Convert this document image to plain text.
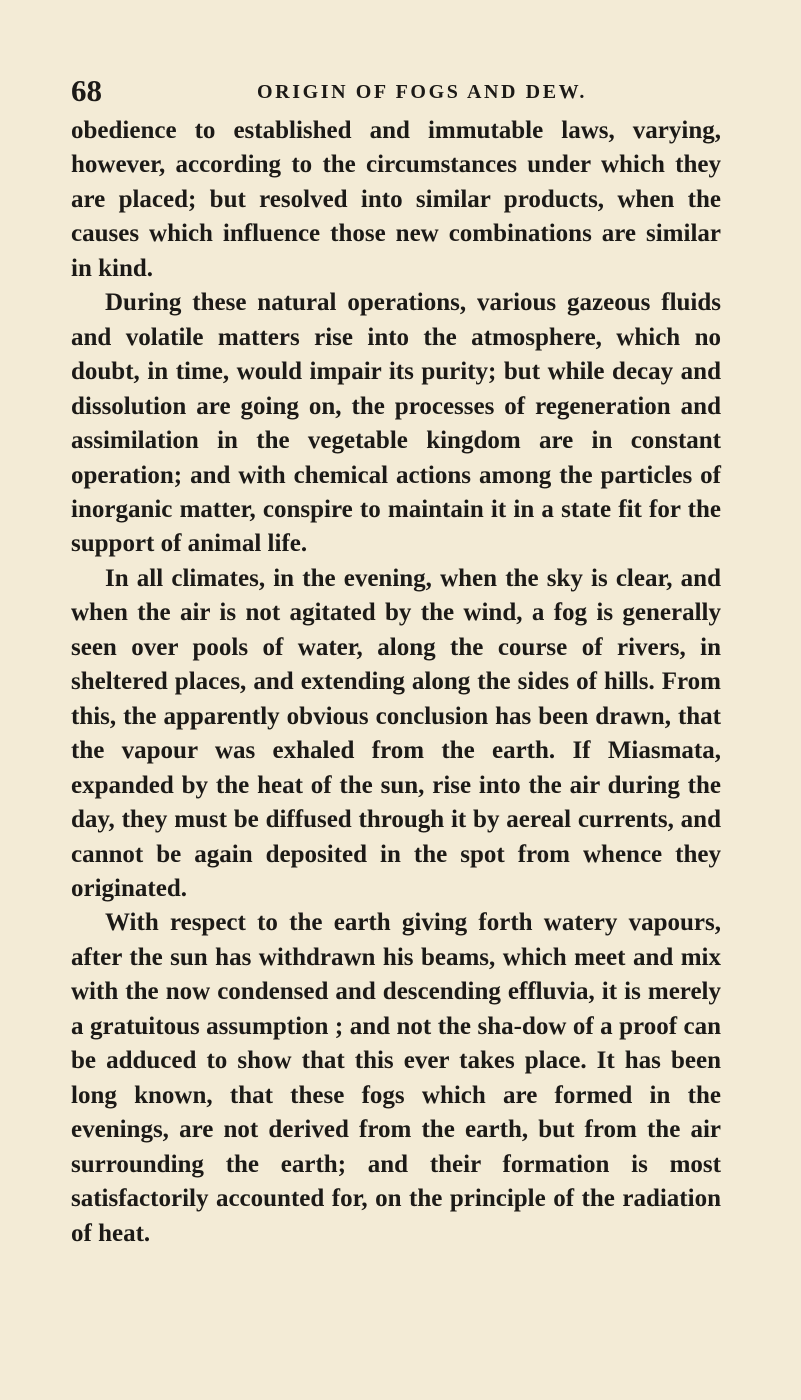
68	ORIGIN OF FOGS AND DEW.

obedience to established and immutable laws, varying, however, according to the circumstances under which they are placed; but resolved into similar products, when the causes which influence those new combinations are similar in kind.

During these natural operations, various gazeous fluids and volatile matters rise into the atmosphere, which no doubt, in time, would impair its purity; but while decay and dissolution are going on, the processes of regeneration and assimilation in the vegetable kingdom are in constant operation; and with chemical actions among the particles of inorganic matter, conspire to maintain it in a state fit for the support of animal life.

In all climates, in the evening, when the sky is clear, and when the air is not agitated by the wind, a fog is generally seen over pools of water, along the course of rivers, in sheltered places, and extending along the sides of hills. From this, the apparently obvious conclusion has been drawn, that the vapour was exhaled from the earth. If Miasmata, expanded by the heat of the sun, rise into the air during the day, they must be diffused through it by aereal currents, and cannot be again deposited in the spot from whence they originated.

With respect to the earth giving forth watery vapours, after the sun has withdrawn his beams, which meet and mix with the now condensed and descending effluvia, it is merely a gratuitous assumption ; and not the sha-dow of a proof can be adduced to show that this ever takes place. It has been long known, that these fogs which are formed in the evenings, are not derived from the earth, but from the air surrounding the earth; and their formation is most satisfactorily accounted for, on the principle of the radiation of heat.
